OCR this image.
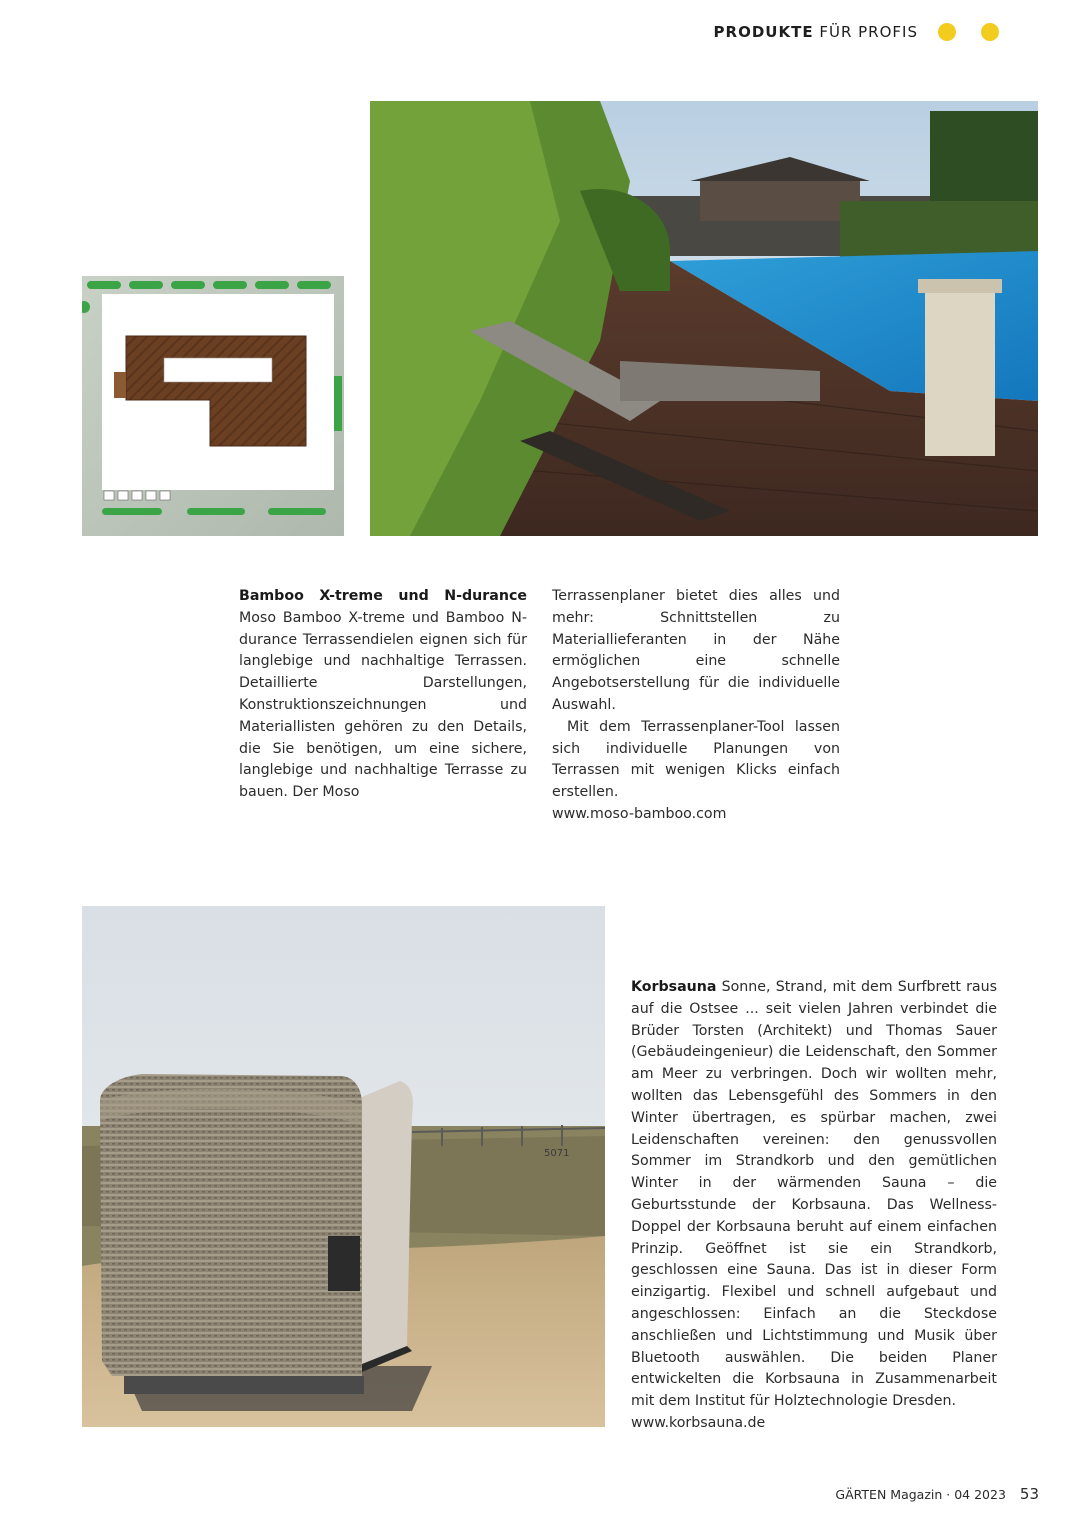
PRODUKTE FÜR PROFIS

Bamboo X-treme und N-durance Moso Bamboo X-treme und Bamboo N-durance Terrassendielen eignen sich für langlebige und nachhaltige Terrassen. Detaillierte Darstellungen, Konstruktionszeichnungen und Materiallisten gehören zu den Details, die Sie benötigen, um eine sichere, langlebige und nachhaltige Terrasse zu bauen. Der Moso

Terrassenplaner bietet dies alles und mehr: Schnittstellen zu Materiallieferanten in der Nähe ermöglichen eine schnelle Angebotserstellung für die individuelle Auswahl.

Mit dem Terrassenplaner-Tool lassen sich individuelle Planungen von Terrassen mit wenigen Klicks einfach erstellen.

www.moso-bamboo.com

5071

Korbsauna Sonne, Strand, mit dem Surfbrett raus auf die Ostsee ... seit vielen Jahren verbindet die Brüder Torsten (Architekt) und Thomas Sauer (Gebäudeingenieur) die Leidenschaft, den Sommer am Meer zu verbringen. Doch wir wollten mehr, wollten das Lebensgefühl des Sommers in den Winter übertragen, es spürbar machen, zwei Leidenschaften vereinen: den genussvollen Sommer im Strandkorb und den gemütlichen Winter in der wärmenden Sauna – die Geburtsstunde der Korbsauna. Das Wellness-Doppel der Korbsauna beruht auf einem einfachen Prinzip. Geöffnet ist sie ein Strandkorb, geschlossen eine Sauna. Das ist in dieser Form einzigartig. Flexibel und schnell aufgebaut und angeschlossen: Einfach an die Steckdose anschließen und Lichtstimmung und Musik über Bluetooth auswählen. Die beiden Planer entwickelten die Korbsauna in Zusammenarbeit mit dem Institut für Holztechnologie Dresden.

www.korbsauna.de

GÄRTEN Magazin · 04 2023 53
